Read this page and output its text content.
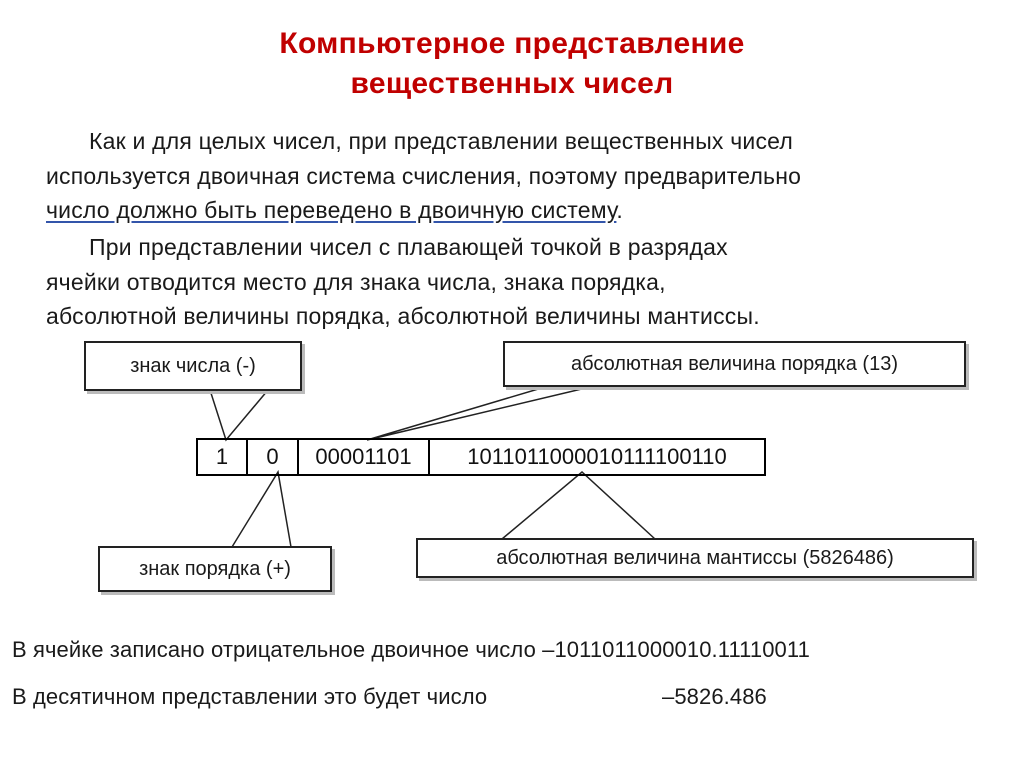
Компьютерное представление
вещественных чисел
Как и для целых чисел, при представлении вещественных чисел
используется двоичная система счисления, поэтому предварительно
число должно быть переведено в двоичную систему.
При представлении чисел с плавающей точкой в разрядах
ячейки отводится место для знака числа, знака порядка,
абсолютной величины порядка, абсолютной величины мантиссы.
знак числа (-)	абсолютная величина порядка (13)
1	0	00001101	1011011000010111100110
знак порядка (+)	абсолютная величина мантиссы (5826486)
В ячейке записано отрицательное двоичное число –1011011000010.11110011
В десятичном представлении это будет число	–5826.486
